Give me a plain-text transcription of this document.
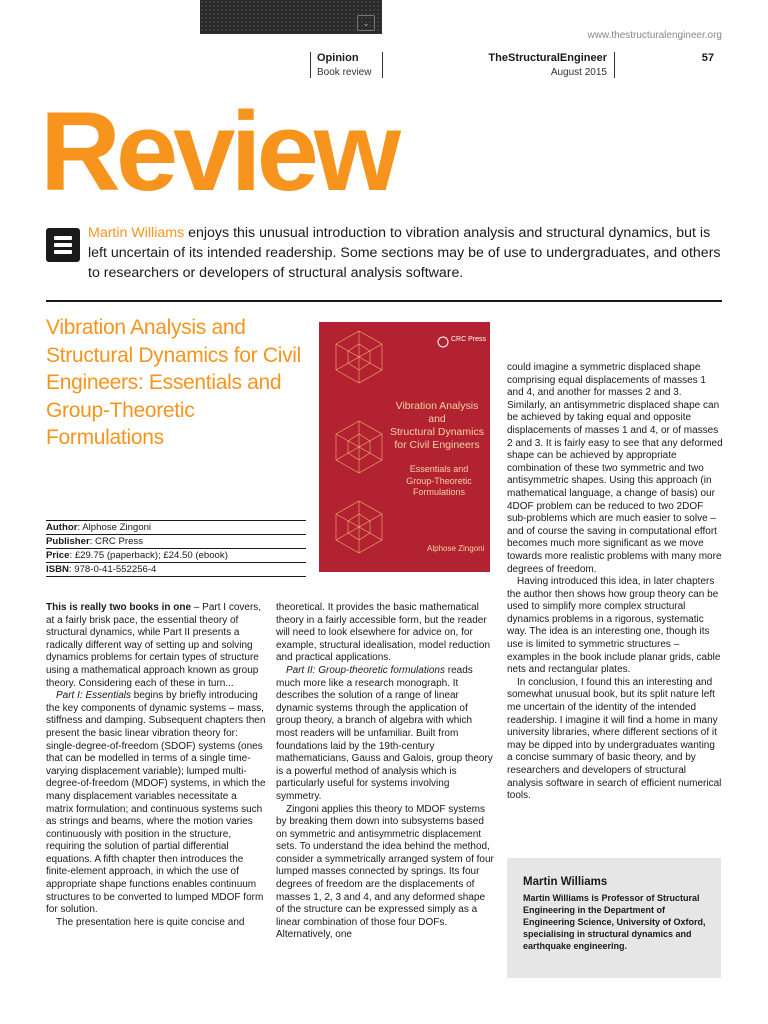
⌄
www.thestructuralengineer.org
Opinion
Book review
TheStructuralEngineer
August 2015
57
Review
Martin Williams enjoys this unusual introduction to vibration analysis and structural dynamics, but is left uncertain of its intended readership. Some sections may be of use to undergraduates, and others to researchers or developers of structural analysis software.
Vibration Analysis and Structural Dynamics for Civil Engineers: Essentials and Group-Theoretic Formulations
Author: Alphose Zingoni
Publisher: CRC Press
Price: £29.75 (paperback); £24.50 (ebook)
ISBN: 978-0-41-552256-4
CRC Press
Vibration Analysis and
Structural Dynamics
for Civil Engineers
Essentials and
Group-Theoretic
Formulations
Alphose Zingoni

This is really two books in one – Part I covers, at a fairly brisk pace, the essential theory of structural dynamics, while Part II presents a radically different way of setting up and solving dynamics problems for certain types of structure using a mathematical approach known as group theory. Considering each of these in turn...

Part I: Essentials begins by briefly introducing the key components of dynamic systems – mass, stiffness and damping. Subsequent chapters then present the basic linear vibration theory for: single-degree-of-freedom (SDOF) systems (ones that can be modelled in terms of a single time-varying displacement variable); lumped multi-degree-of-freedom (MDOF) systems, in which the many displacement variables necessitate a matrix formulation; and continuous systems such as strings and beams, where the motion varies continuously with position in the structure, requiring the solution of partial differential equations. A fifth chapter then introduces the finite-element approach, in which the use of appropriate shape functions enables continuum structures to be converted to lumped MDOF form for solution.

The presentation here is quite concise and

theoretical. It provides the basic mathematical theory in a fairly accessible form, but the reader will need to look elsewhere for advice on, for example, structural idealisation, model reduction and practical applications.

Part II: Group-theoretic formulations reads much more like a research monograph. It describes the solution of a range of linear dynamic systems through the application of group theory, a branch of algebra with which most readers will be unfamiliar. Built from foundations laid by the 19th-century mathematicians, Gauss and Galois, group theory is a powerful method of analysis which is particularly useful for systems involving symmetry.

Zingoni applies this theory to MDOF systems by breaking them down into subsystems based on symmetric and antisymmetric displacement sets. To understand the idea behind the method, consider a symmetrically arranged system of four lumped masses connected by springs. Its four degrees of freedom are the displacements of masses 1, 2, 3 and 4, and any deformed shape of the structure can be expressed simply as a linear combination of those four DOFs. Alternatively, one

could imagine a symmetric displaced shape comprising equal displacements of masses 1 and 4, and another for masses 2 and 3. Similarly, an antisymmetric displaced shape can be achieved by taking equal and opposite displacements of masses 1 and 4, or of masses 2 and 3. It is fairly easy to see that any deformed shape can be achieved by appropriate combination of these two symmetric and two antisymmetric shapes. Using this approach (in mathematical language, a change of basis) our 4DOF problem can be reduced to two 2DOF sub-problems which are much easier to solve – and of course the saving in computational effort becomes much more significant as we move towards more realistic problems with many more degrees of freedom.

Having introduced this idea, in later chapters the author then shows how group theory can be used to simplify more complex structural dynamics problems in a rigorous, systematic way. The idea is an interesting one, though its use is limited to symmetric structures – examples in the book include planar grids, cable nets and rectangular plates.

In conclusion, I found this an interesting and somewhat unusual book, but its split nature left me uncertain of the identity of the intended readership. I imagine it will find a home in many university libraries, where different sections of it may be dipped into by undergraduates wanting a concise summary of basic theory, and by researchers and developers of structural analysis software in search of efficient numerical tools.

Martin Williams
Martin Williams is Professor of Structural Engineering in the Department of Engineering Science, University of Oxford, specialising in structural dynamics and earthquake engineering.
